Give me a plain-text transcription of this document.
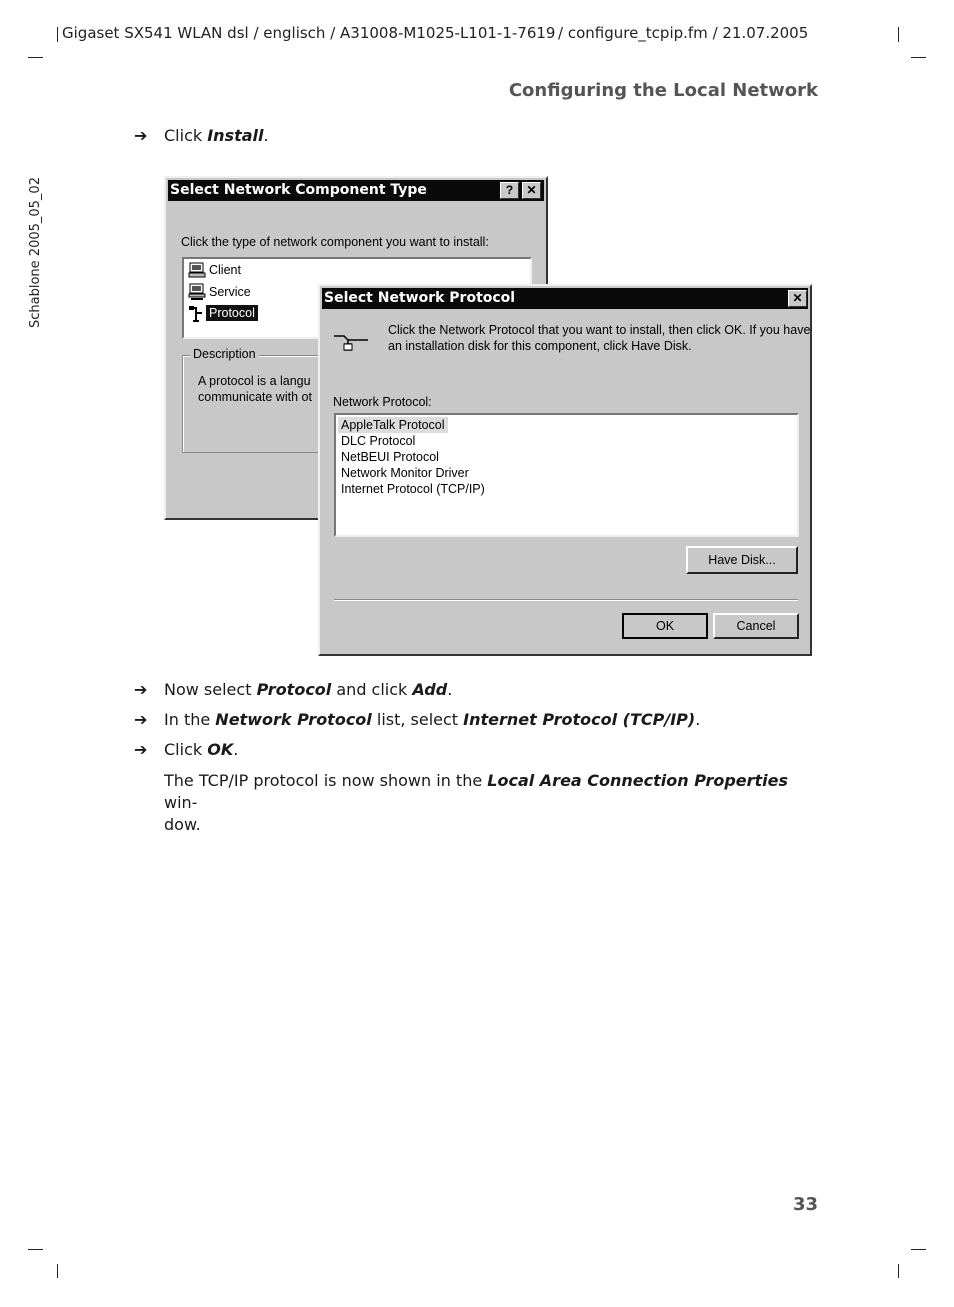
Gigaset SX541 WLAN dsl / englisch / A31008-M1025-L101-1-7619 / configure_tcpip.fm / 21.07.2005
Configuring the Local Network
Schablone 2005_05_02
➔ Click Install.
Select Network Component Type	?	✕
Click the type of network component you want to install:
Client
Service
Protocol
Description
A protocol is a langu
communicate with ot
Select Network Protocol	✕
Click the Network Protocol that you want to install, then click OK. If you have
an installation disk for this component, click Have Disk.
Network Protocol:
AppleTalk Protocol
DLC Protocol
NetBEUI Protocol
Network Monitor Driver
Internet Protocol (TCP/IP)
Have Disk...
OK	Cancel
➔ Now select Protocol and click Add.
➔ In the Network Protocol list, select Internet Protocol (TCP/IP).
➔ Click OK.
The TCP/IP protocol is now shown in the Local Area Connection Properties win-
dow.
33
